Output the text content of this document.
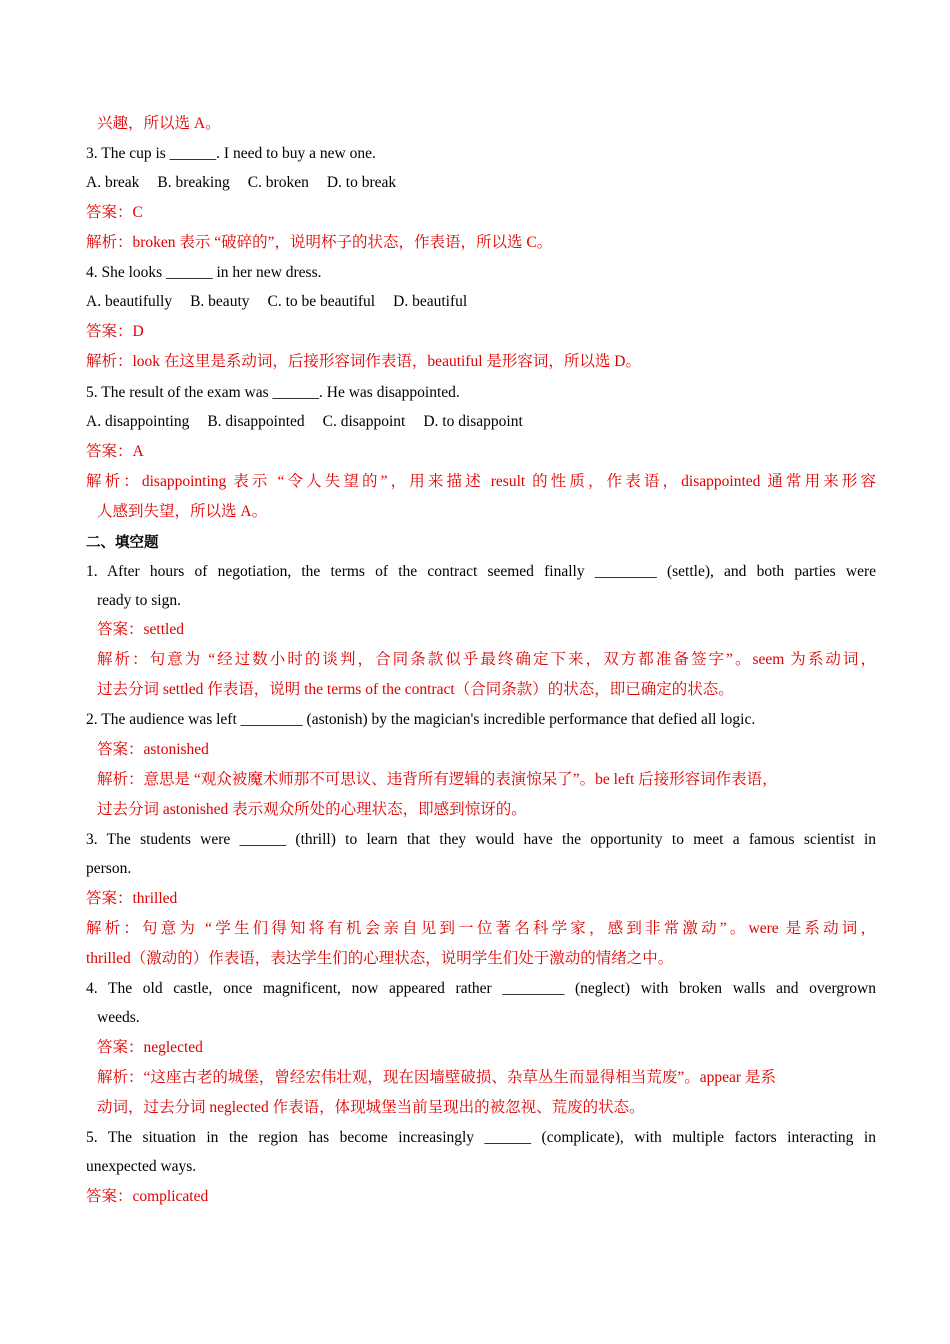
兴趣，所以选 A。
3. The cup is ______. I need to buy a new one.
A. break B. breaking C. broken D. to break
答案：C
解析：broken 表示 “破碎的”，说明杯子的状态，作表语，所以选 C。
4. She looks ______ in her new dress.
A. beautifully B. beauty C. to be beautiful D. beautiful
答案：D
解析：look 在这里是系动词，后接形容词作表语，beautiful 是形容词，所以选 D。
5. The result of the exam was ______. He was disappointed.
A. disappointing B. disappointed C. disappoint D. to disappoint
答案：A
解析：disappointing 表示 “令人失望的”，用来描述 result 的性质，作表语，disappointed 通常用来形容
人感到失望，所以选 A。
二、填空题
1. After hours of negotiation, the terms of the contract seemed finally ________ (settle), and both parties were
ready to sign.
答案：settled
解析：句意为 “经过数小时的谈判，合同条款似乎最终确定下来，双方都准备签字”。seem 为系动词，
过去分词 settled 作表语，说明 the terms of the contract（合同条款）的状态，即已确定的状态。
2. The audience was left ________ (astonish) by the magician's incredible performance that defied all logic.
答案：astonished
解析：意思是 “观众被魔术师那不可思议、违背所有逻辑的表演惊呆了”。be left 后接形容词作表语，
过去分词 astonished 表示观众所处的心理状态，即感到惊讶的。
3. The students were ______ (thrill) to learn that they would have the opportunity to meet a famous scientist in
person.
答案：thrilled
解析：句意为 “学生们得知将有机会亲自见到一位著名科学家，感到非常激动”。were 是系动词，
thrilled（激动的）作表语，表达学生们的心理状态，说明学生们处于激动的情绪之中。
4. The old castle, once magnificent, now appeared rather ________ (neglect) with broken walls and overgrown
weeds.
答案：neglected
解析：“这座古老的城堡，曾经宏伟壮观，现在因墙壁破损、杂草丛生而显得相当荒废”。appear 是系
动词，过去分词 neglected 作表语，体现城堡当前呈现出的被忽视、荒废的状态。
5. The situation in the region has become increasingly ______ (complicate), with multiple factors interacting in
unexpected ways.
答案：complicated
